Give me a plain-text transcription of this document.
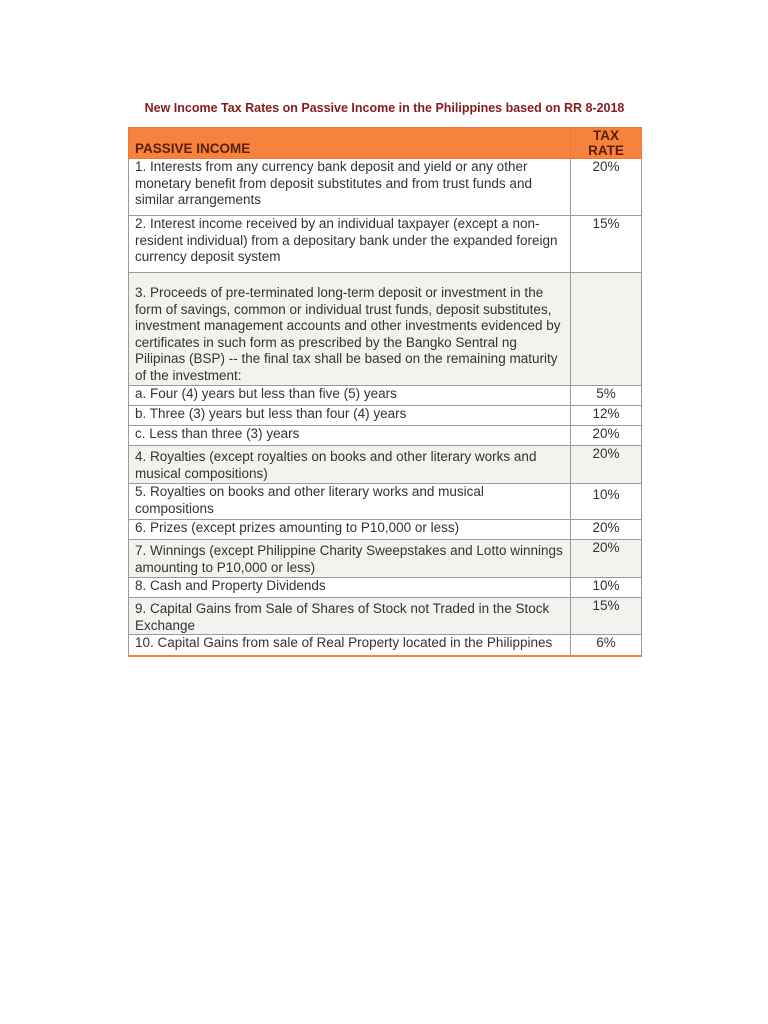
New Income Tax Rates on Passive Income in the Philippines based on RR 8-2018
PASSIVE INCOME	TAX
RATE

1. Interests from any currency bank deposit and yield or any other monetary benefit from deposit substitutes and from trust funds and similar arrangements	20%
2. Interest income received by an individual taxpayer (except a non-resident individual) from a depositary bank under the expanded foreign currency deposit system	15%
3. Proceeds of pre-terminated long-term deposit or investment in the form of savings, common or individual trust funds, deposit substitutes, investment management accounts and other investments evidenced by certificates in such form as prescribed by the Bangko Sentral ng Pilipinas (BSP) -- the final tax shall be based on the remaining maturity of the investment:	
a. Four (4) years but less than five (5) years	5%
b. Three (3) years but less than four (4) years	12%
c. Less than three (3) years	20%
4. Royalties (except royalties on books and other literary works and musical compositions)	20%
5. Royalties on books and other literary works and musical compositions	10%
6. Prizes (except prizes amounting to P10,000 or less)	20%
7. Winnings (except Philippine Charity Sweepstakes and Lotto winnings amounting to P10,000 or less)	20%
8. Cash and Property Dividends	10%
9. Capital Gains from Sale of Shares of Stock not Traded in the Stock Exchange	15%
10. Capital Gains from sale of Real Property located in the Philippines	6%
